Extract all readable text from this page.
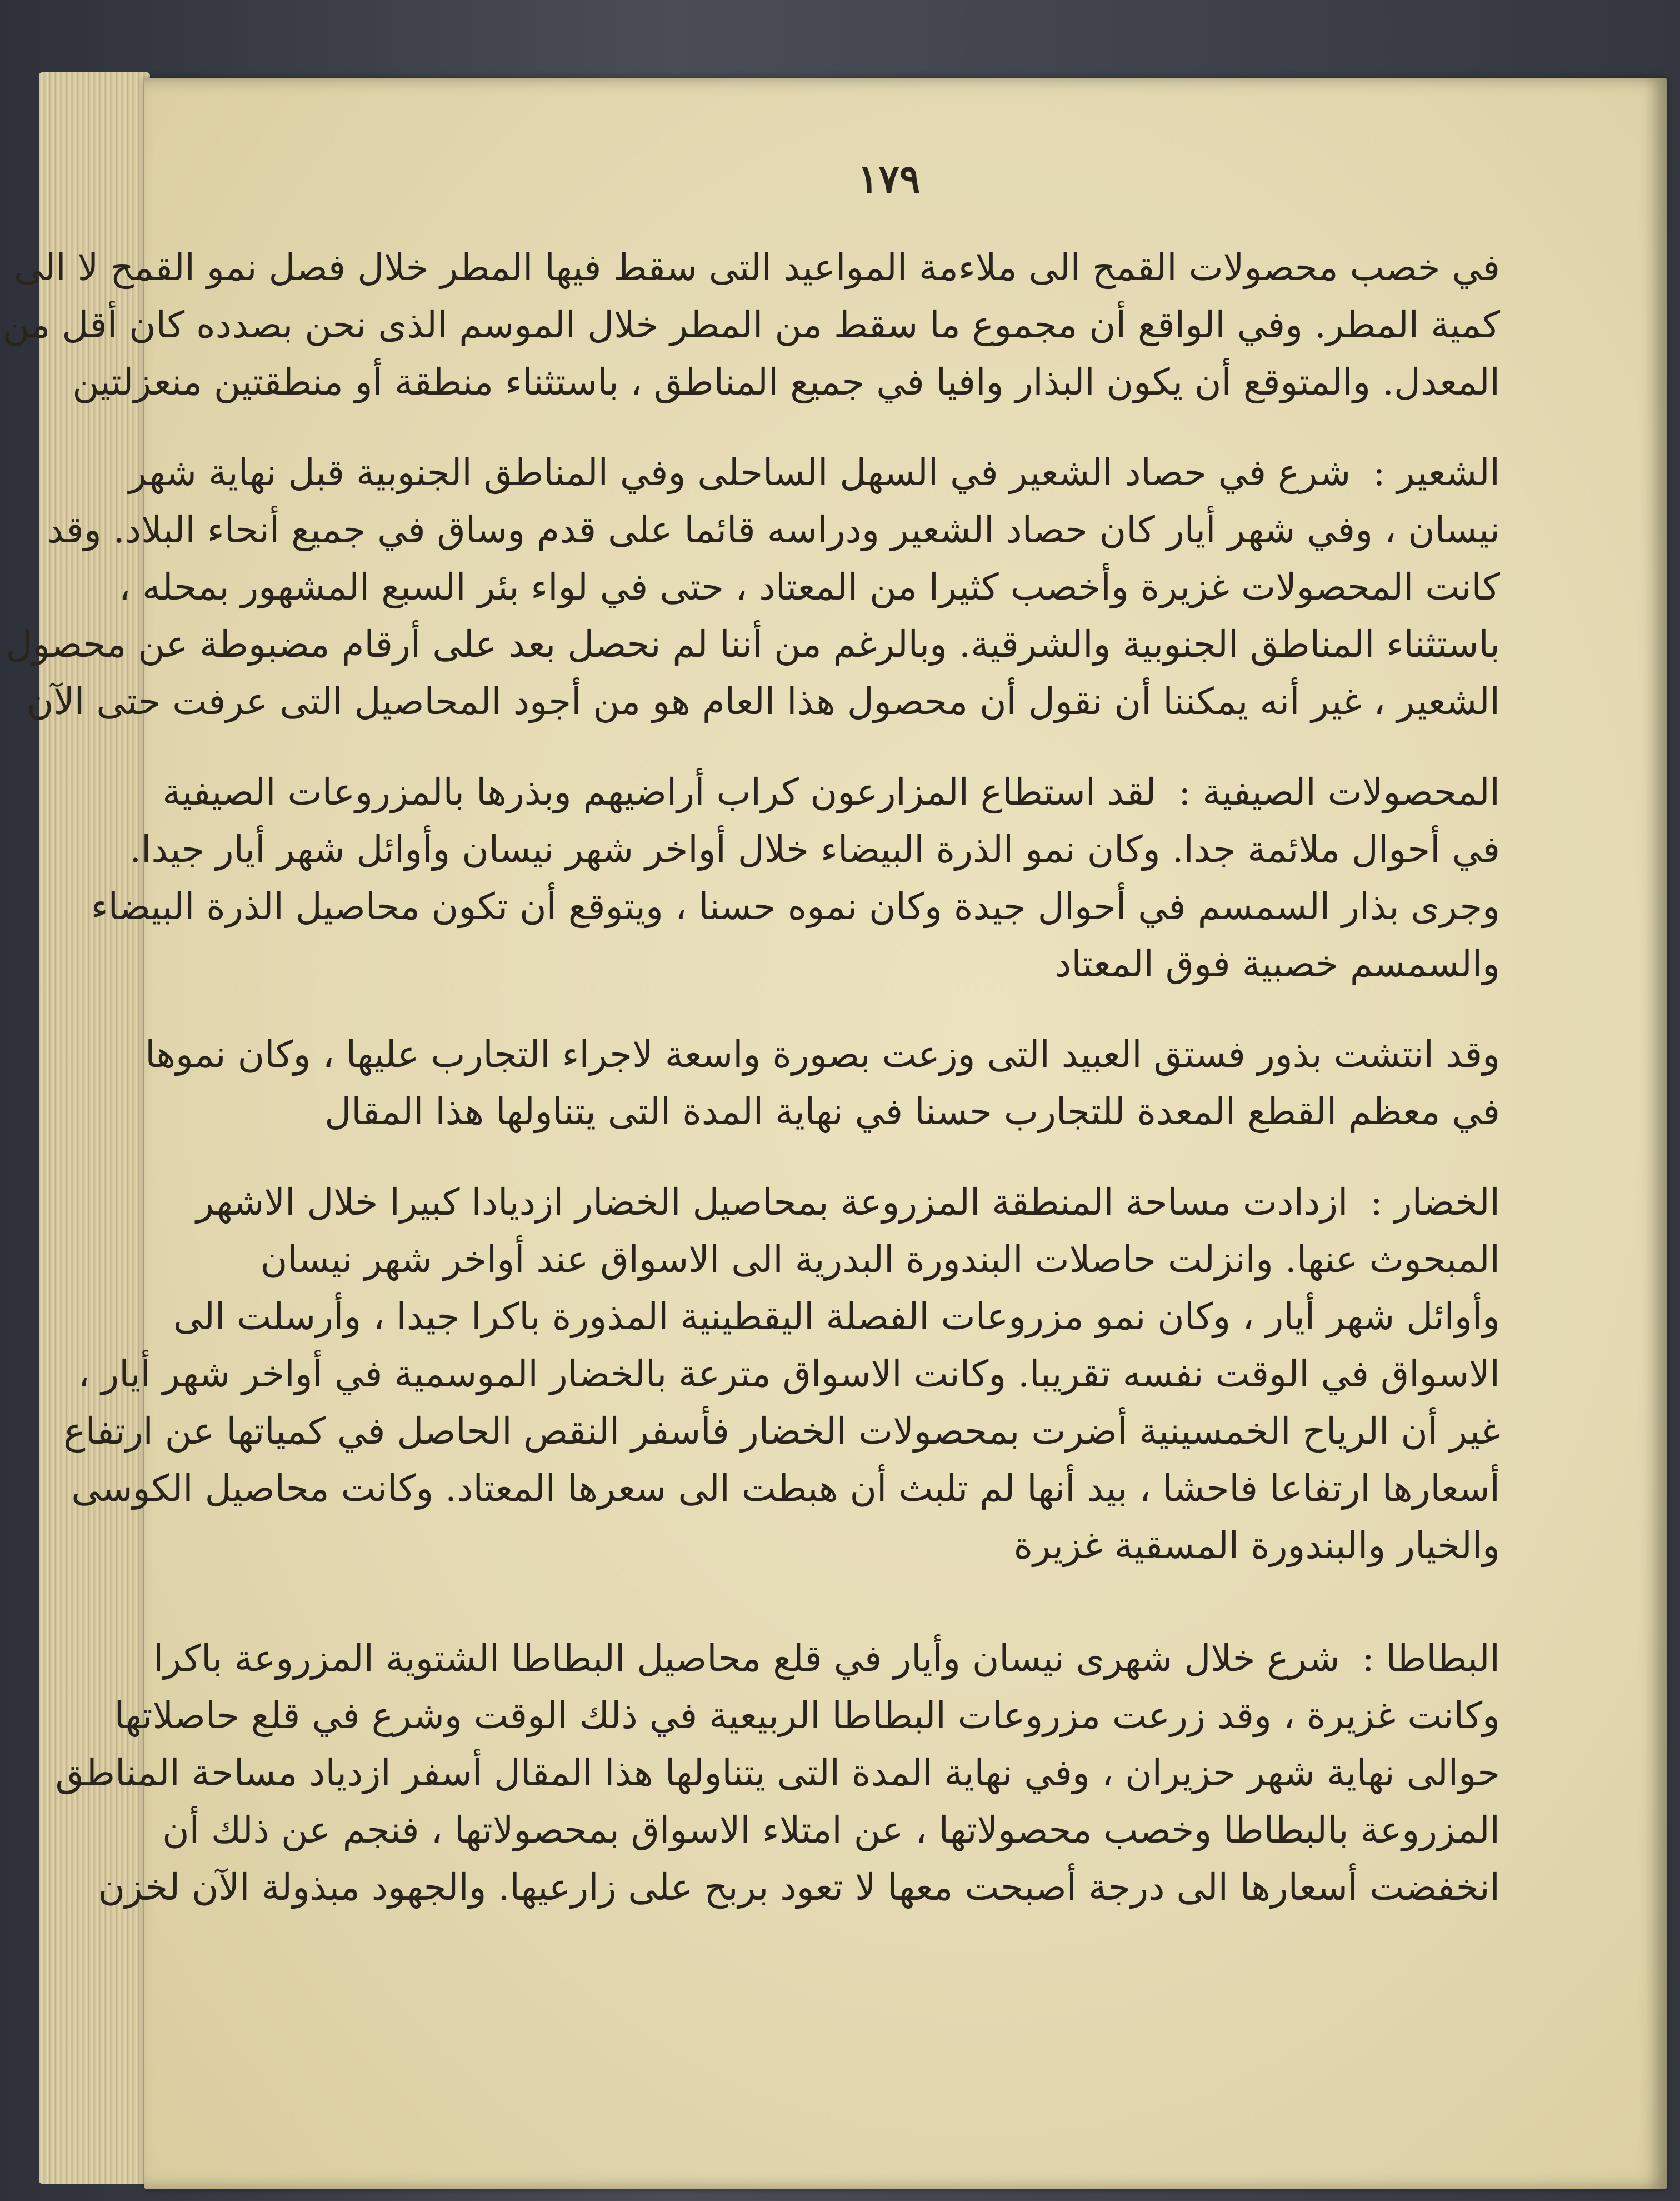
١٧٩
في خصب محصولات القمح الى ملاءمة المواعيد التى سقط فيها المطر خلال فصل نمو القمح لا الى
كمية المطر. وفي الواقع أن مجموع ما سقط من المطر خلال الموسم الذى نحن بصدده كان أقل من
المعدل. والمتوقع أن يكون البذار وافيا في جميع المناطق ، باستثناء منطقة أو منطقتين منعزلتين
الشعير :شرع في حصاد الشعير في السهل الساحلى وفي المناطق الجنوبية قبل نهاية شهر
نيسان ، وفي شهر أيار كان حصاد الشعير ودراسه قائما على قدم وساق في جميع أنحاء البلاد. وقد
كانت المحصولات غزيرة وأخصب كثيرا من المعتاد ، حتى في لواء بئر السبع المشهور بمحله ،
باستثناء المناطق الجنوبية والشرقية. وبالرغم من أننا لم نحصل بعد على أرقام مضبوطة عن محصول
الشعير ، غير أنه يمكننا أن نقول أن محصول هذا العام هو من أجود المحاصيل التى عرفت حتى الآن
المحصولات الصيفية :لقد استطاع المزارعون كراب أراضيهم وبذرها بالمزروعات الصيفية
في أحوال ملائمة جدا. وكان نمو الذرة البيضاء خلال أواخر شهر نيسان وأوائل شهر أيار جيدا.
وجرى بذار السمسم في أحوال جيدة وكان نموه حسنا ، ويتوقع أن تكون محاصيل الذرة البيضاء
والسمسم خصبية فوق المعتاد
وقد انتشت بذور فستق العبيد التى وزعت بصورة واسعة لاجراء التجارب عليها ، وكان نموها
في معظم القطع المعدة للتجارب حسنا في نهاية المدة التى يتناولها هذا المقال
الخضار :ازدادت مساحة المنطقة المزروعة بمحاصيل الخضار ازديادا كبيرا خلال الاشهر
المبحوث عنها. وانزلت حاصلات البندورة البدرية الى الاسواق عند أواخر شهر نيسان
وأوائل شهر أيار ، وكان نمو مزروعات الفصلة اليقطينية المذورة باكرا جيدا ، وأرسلت الى
الاسواق في الوقت نفسه تقريبا. وكانت الاسواق مترعة بالخضار الموسمية في أواخر شهر أيار ،
غير أن الرياح الخمسينية أضرت بمحصولات الخضار فأسفر النقص الحاصل في كمياتها عن ارتفاع
أسعارها ارتفاعا فاحشا ، بيد أنها لم تلبث أن هبطت الى سعرها المعتاد. وكانت محاصيل الكوسى
والخيار والبندورة المسقية غزيرة
البطاطا :شرع خلال شهرى نيسان وأيار في قلع محاصيل البطاطا الشتوية المزروعة باكرا
وكانت غزيرة ، وقد زرعت مزروعات البطاطا الربيعية في ذلك الوقت وشرع في قلع حاصلاتها
حوالى نهاية شهر حزيران ، وفي نهاية المدة التى يتناولها هذا المقال أسفر ازدياد مساحة المناطق
المزروعة بالبطاطا وخصب محصولاتها ، عن امتلاء الاسواق بمحصولاتها ، فنجم عن ذلك أن
انخفضت أسعارها الى درجة أصبحت معها لا تعود بربح على زارعيها. والجهود مبذولة الآن لخزن
